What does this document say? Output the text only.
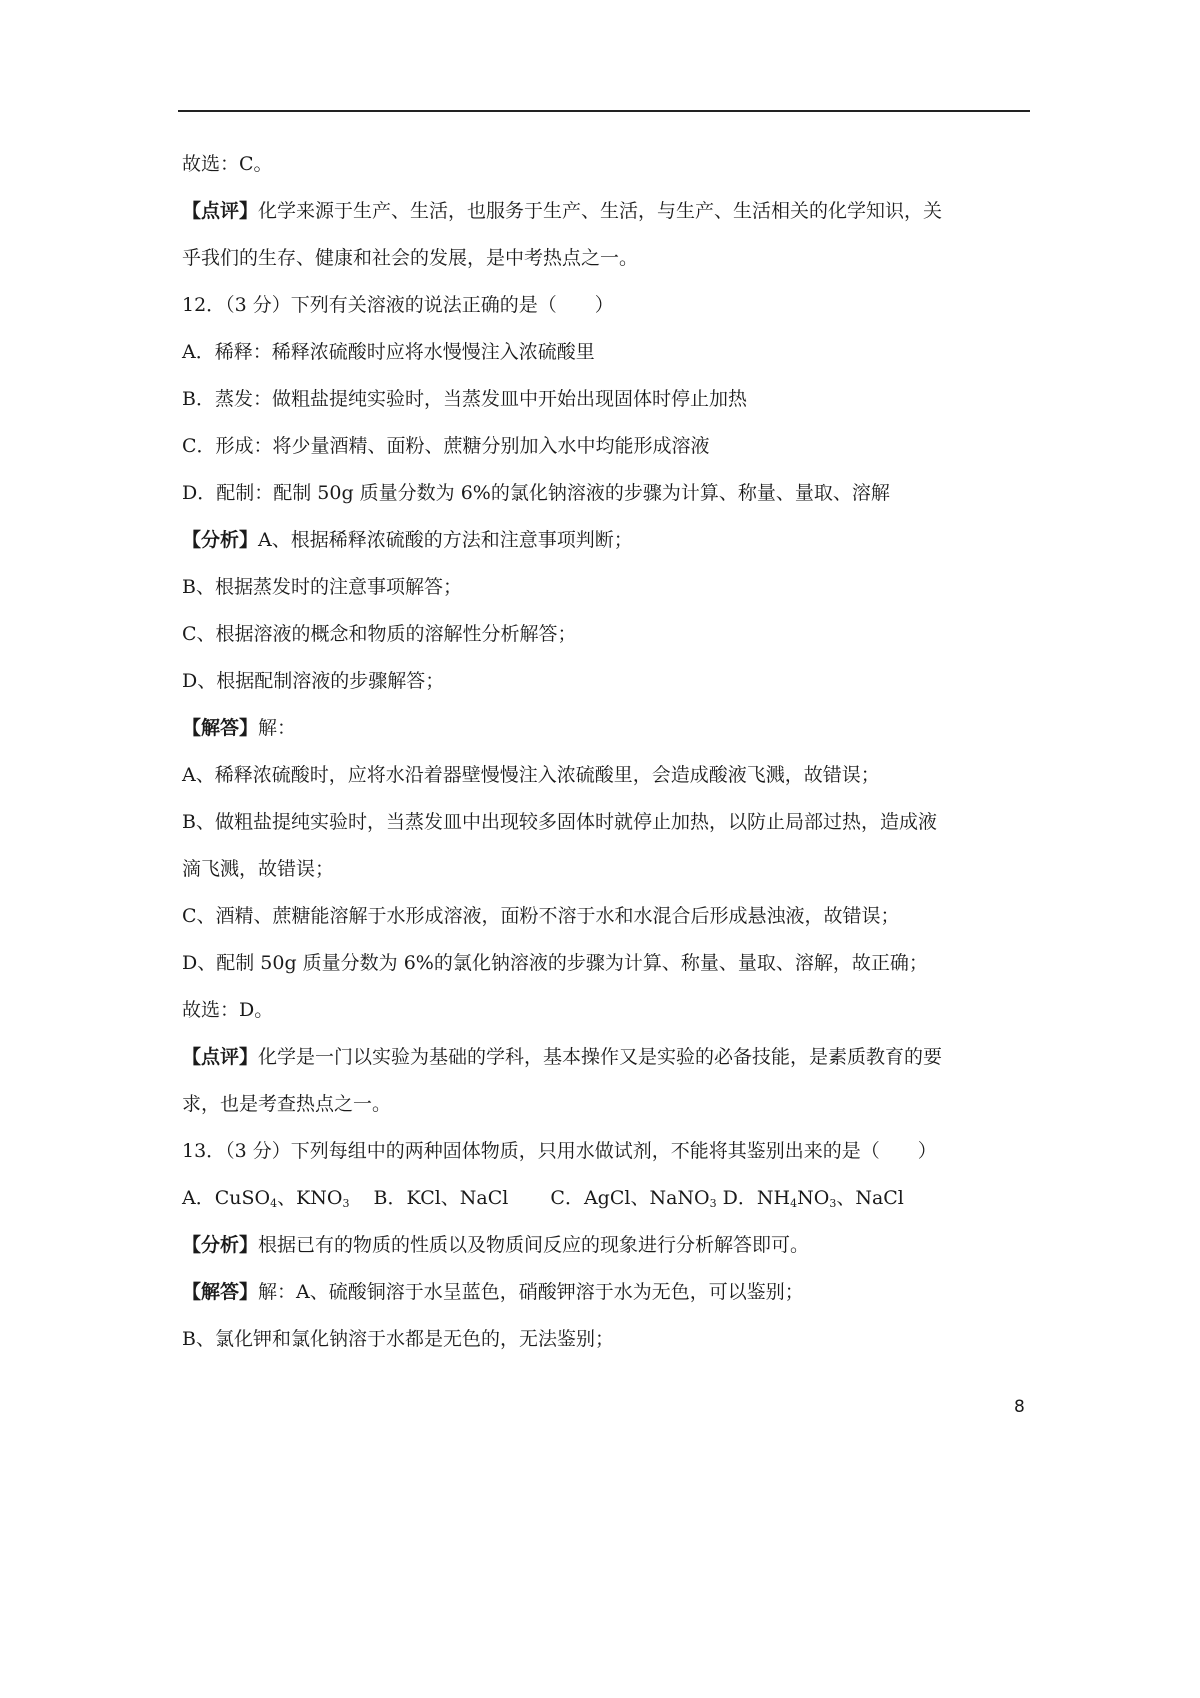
故选：C。
【点评】化学来源于生产、生活，也服务于生产、生活，与生产、生活相关的化学知识，关
乎我们的生存、健康和社会的发展，是中考热点之一。
12．（3 分）下列有关溶液的说法正确的是（　　）
A．稀释：稀释浓硫酸时应将水慢慢注入浓硫酸里
B．蒸发：做粗盐提纯实验时，当蒸发皿中开始出现固体时停止加热
C．形成：将少量酒精、面粉、蔗糖分别加入水中均能形成溶液
D．配制：配制 50g 质量分数为 6%的氯化钠溶液的步骤为计算、称量、量取、溶解
【分析】A、根据稀释浓硫酸的方法和注意事项判断；
B、根据蒸发时的注意事项解答；
C、根据溶液的概念和物质的溶解性分析解答；
D、根据配制溶液的步骤解答；
【解答】解：
A、稀释浓硫酸时，应将水沿着器壁慢慢注入浓硫酸里，会造成酸液飞溅，故错误；
B、做粗盐提纯实验时，当蒸发皿中出现较多固体时就停止加热，以防止局部过热，造成液
滴飞溅，故错误；
C、酒精、蔗糖能溶解于水形成溶液，面粉不溶于水和水混合后形成悬浊液，故错误；
D、配制 50g 质量分数为 6%的氯化钠溶液的步骤为计算、称量、量取、溶解，故正确；
故选：D。
【点评】化学是一门以实验为基础的学科，基本操作又是实验的必备技能，是素质教育的要
求，也是考查热点之一。
13．（3 分）下列每组中的两种固体物质，只用水做试剂，不能将其鉴别出来的是（　　）
A．CuSO$_4$、$KNO_3$ B．KCl、NaCl C．AgCl、NaNO$_3$ D．$NH_4NO_3$、NaCl
【分析】根据已有的物质的性质以及物质间反应的现象进行分析解答即可。
【解答】解：A、硫酸铜溶于水呈蓝色，硝酸钾溶于水为无色，可以鉴别；
B、氯化钾和氯化钠溶于水都是无色的，无法鉴别；
8
